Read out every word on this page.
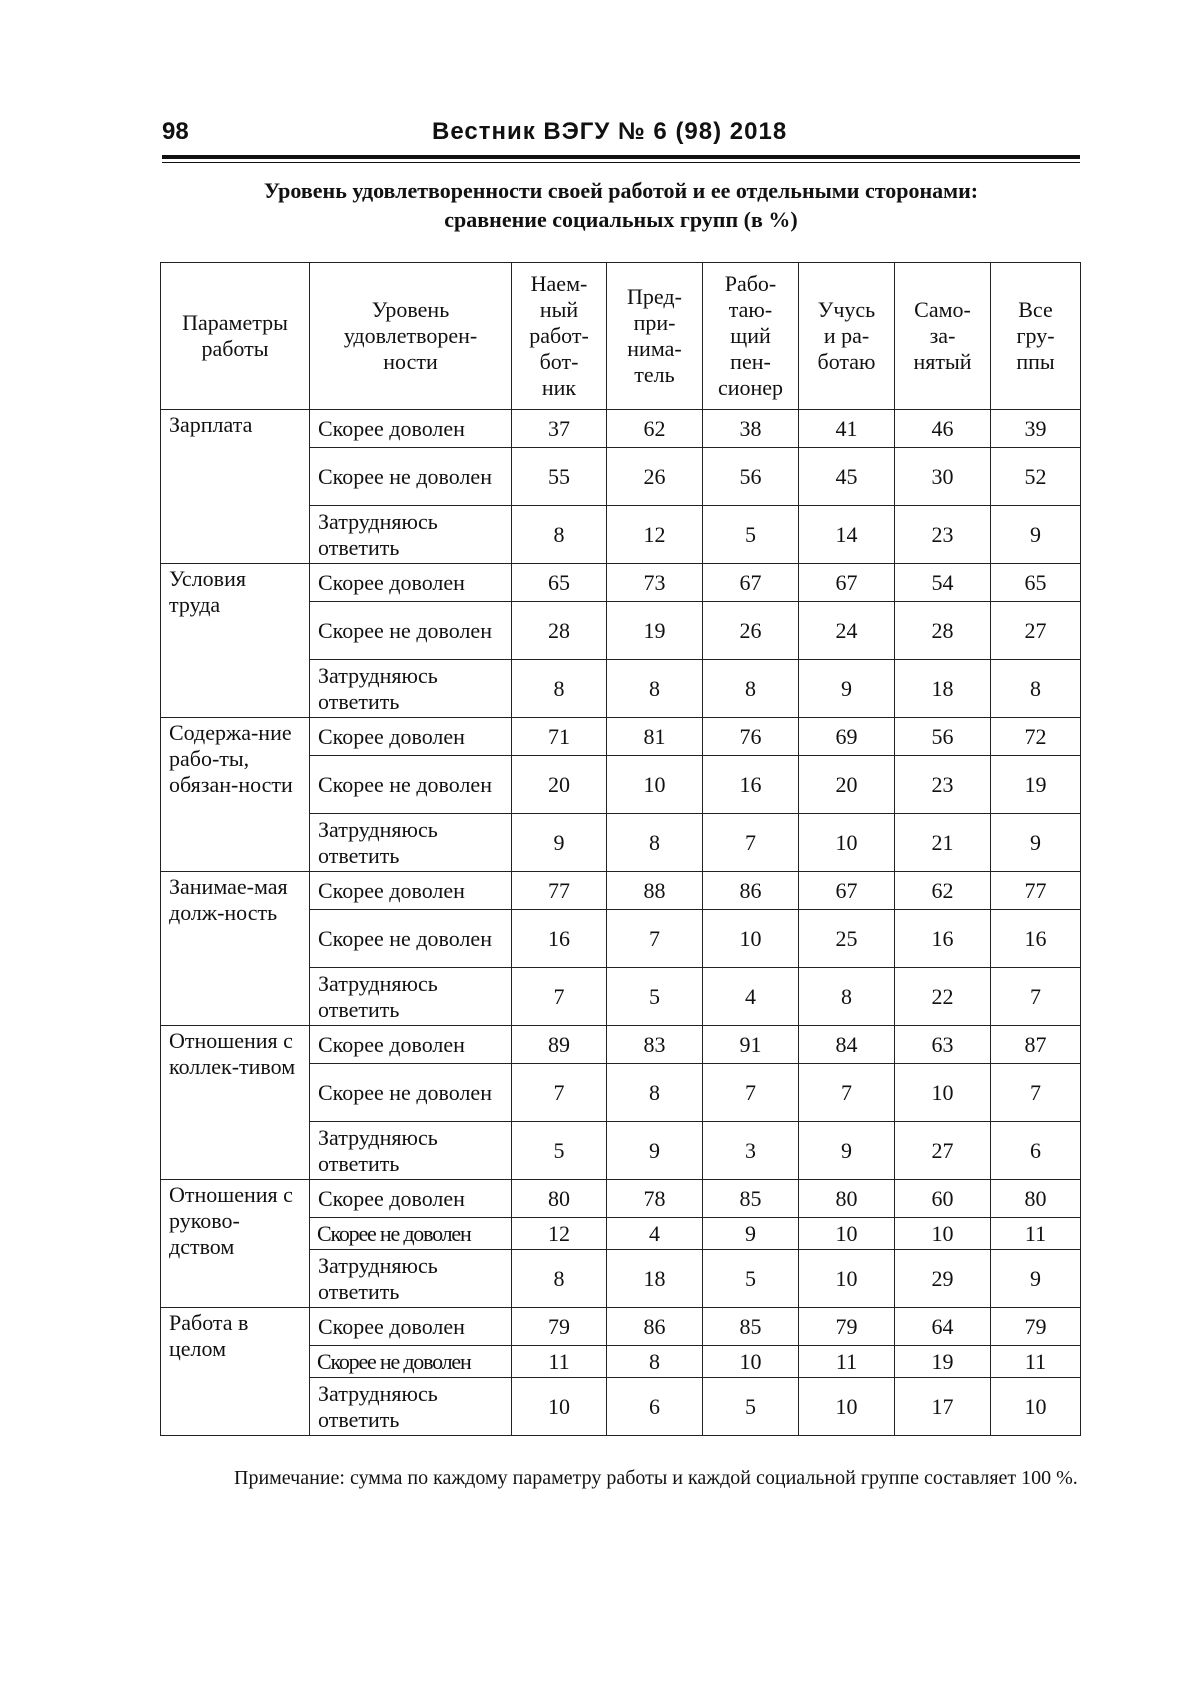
98	Вестник ВЭГУ № 6 (98) 2018
Уровень удовлетворенности своей работой и ее отдельными сторонами:
сравнение социальных групп (в %)
Параметры работы	Уровень удовлетворен-ности	Наем-ный работ-бот-ник	Пред-при-нима-тель	Рабо-таю-щий пен-сионер	Учусь и ра-ботаю	Само-за-нятый	Все гру-ппы
Зарплата	Скорее доволен	37	62	38	41	46	39
	Скорее не доволен	55	26	56	45	30	52
	Затрудняюсь ответить	8	12	5	14	23	9
Условия труда	Скорее доволен	65	73	67	67	54	65
	Скорее не доволен	28	19	26	24	28	27
	Затрудняюсь ответить	8	8	8	9	18	8
Содержа-ние рабо-ты, обязан-ности	Скорее доволен	71	81	76	69	56	72
	Скорее не доволен	20	10	16	20	23	19
	Затрудняюсь ответить	9	8	7	10	21	9
Занимае-мая долж-ность	Скорее доволен	77	88	86	67	62	77
	Скорее не доволен	16	7	10	25	16	16
	Затрудняюсь ответить	7	5	4	8	22	7
Отношения с коллек-тивом	Скорее доволен	89	83	91	84	63	87
	Скорее не доволен	7	8	7	7	10	7
	Затрудняюсь ответить	5	9	3	9	27	6
Отношения с руково-дством	Скорее доволен	80	78	85	80	60	80
	Скорее не доволен	12	4	9	10	10	11
	Затрудняюсь ответить	8	18	5	10	29	9
Работа в целом	Скорее доволен	79	86	85	79	64	79
	Скорее не доволен	11	8	10	11	19	11
	Затрудняюсь ответить	10	6	5	10	17	10
Примечание: сумма по каждому параметру работы и каждой социальной группе составляет 100 %.
